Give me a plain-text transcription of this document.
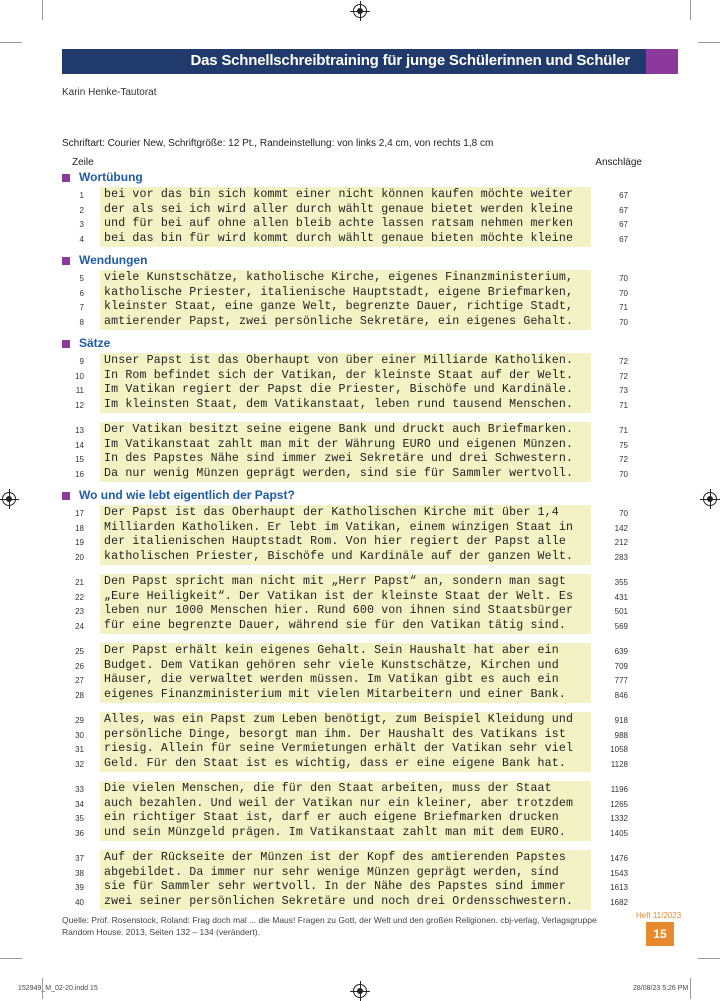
Das Schnellschreibtraining für junge Schülerinnen und Schüler
Karin Henke-Tautorat
Schriftart: Courier New, Schriftgröße: 12 Pt., Randeinstellung: von links 2,4 cm, von rechts 1,8 cm
Zeile	Anschläge
Wortübung
Wendungen
Sätze
Wo und wie lebt eigentlich der Papst?
1 bei vor das bin sich kommt einer nicht können kaufen möchte weiter	67
2 der als sei ich wird aller durch wählt genaue bietet werden kleine	67
3 und für bei auf ohne allen bleib achte lassen ratsam nehmen merken	67
4 bei das bin für wird kommt durch wählt genaue bieten möchte kleine	67
5 viele Kunstschätze, katholische Kirche, eigenes Finanzministerium,	70
6 katholische Priester, italienische Hauptstadt, eigene Briefmarken,	70
7 kleinster Staat, eine ganze Welt, begrenzte Dauer, richtige Stadt,	71
8 amtierender Papst, zwei persönliche Sekretäre, ein eigenes Gehalt.	70
9 Unser Papst ist das Oberhaupt von über einer Milliarde Katholiken.	72
10 In Rom befindet sich der Vatikan, der kleinste Staat auf der Welt.	72
11 Im Vatikan regiert der Papst die Priester, Bischöfe und Kardinäle.	73
12 Im kleinsten Staat, dem Vatikanstaat, leben rund tausend Menschen.	71
13 Der Vatikan besitzt seine eigene Bank und druckt auch Briefmarken.	71
14 Im Vatikanstaat zahlt man mit der Währung EURO und eigenen Münzen.	75
15 In des Papstes Nähe sind immer zwei Sekretäre und drei Schwestern.	72
16 Da nur wenig Münzen geprägt werden, sind sie für Sammler wertvoll.	70
17 Der Papst ist das Oberhaupt der Katholischen Kirche mit über 1,4	70
18 Milliarden Katholiken. Er lebt im Vatikan, einem winzigen Staat in	142
19 der italienischen Hauptstadt Rom. Von hier regiert der Papst alle	212
20 katholischen Priester, Bischöfe und Kardinäle auf der ganzen Welt.	283
21 Den Papst spricht man nicht mit „Herr Papst“ an, sondern man sagt	355
22 „Eure Heiligkeit“. Der Vatikan ist der kleinste Staat der Welt. Es	431
23 leben nur 1000 Menschen hier. Rund 600 von ihnen sind Staatsbürger	501
24 für eine begrenzte Dauer, während sie für den Vatikan tätig sind.	569
25 Der Papst erhält kein eigenes Gehalt. Sein Haushalt hat aber ein	639
26 Budget. Dem Vatikan gehören sehr viele Kunstschätze, Kirchen und	709
27 Häuser, die verwaltet werden müssen. Im Vatikan gibt es auch ein	777
28 eigenes Finanzministerium mit vielen Mitarbeitern und einer Bank.	846
29 Alles, was ein Papst zum Leben benötigt, zum Beispiel Kleidung und	918
30 persönliche Dinge, besorgt man ihm. Der Haushalt des Vatikans ist	988
31 riesig. Allein für seine Vermietungen erhält der Vatikan sehr viel	1058
32 Geld. Für den Staat ist es wichtig, dass er eine eigene Bank hat.	1128
33 Die vielen Menschen, die für den Staat arbeiten, muss der Staat	1196
34 auch bezahlen. Und weil der Vatikan nur ein kleiner, aber trotzdem	1265
35 ein richtiger Staat ist, darf er auch eigene Briefmarken drucken	1332
36 und sein Münzgeld prägen. Im Vatikanstaat zahlt man mit dem EURO.	1405
37 Auf der Rückseite der Münzen ist der Kopf des amtierenden Papstes	1476
38 abgebildet. Da immer nur sehr wenige Münzen geprägt werden, sind	1543
39 sie für Sammler sehr wertvoll. In der Nähe des Papstes sind immer	1613
40 zwei seiner persönlichen Sekretäre und noch drei Ordensschwestern.	1682
Quelle: Prof. Rosenstock, Roland: Frag doch mal ... die Maus! Fragen zu Gott, der Welt und den großen Religionen. cbj-verlag, Verlagsgruppe Random House. 2013, Seiten 132 – 134 (verändert).
Heft 11/2023
15
152949_M_02-20.indd 15	28/08/23 5:26 PM
